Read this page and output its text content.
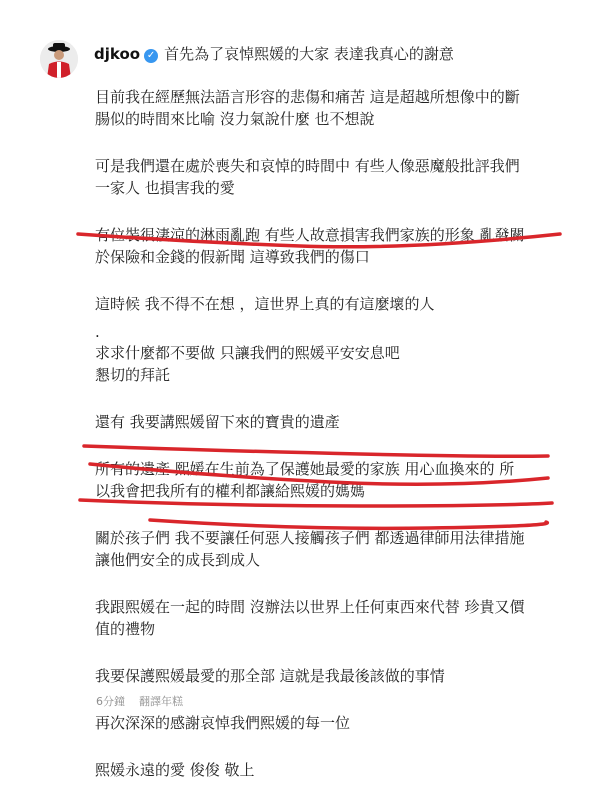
djkoo ✓ 首先為了哀悼熙媛的大家 表達我真心的謝意
目前我在經歷無法語言形容的悲傷和痛苦 這是超越所想像中的斷
腸似的時間來比喻 沒力氣說什麼 也不想說
可是我們還在處於喪失和哀悼的時間中 有些人像惡魔般批評我們
一家人 也損害我的愛
有位裝很淒涼的淋雨亂跑 有些人故意損害我們家族的形象 亂發關
於保險和金錢的假新聞 這導致我們的傷口
這時候 我不得不在想 ，這世界上真的有這麼壞的人
.
求求什麼都不要做 只讓我們的熙媛平安安息吧
懇切的拜託
還有 我要講熙媛留下來的寶貴的遺產
所有的遺產 熙媛在生前為了保護她最愛的家族 用心血換來的 所
以我會把我所有的權利都讓給熙媛的媽媽
關於孩子們 我不要讓任何惡人接觸孩子們 都透過律師用法律措施
讓他們安全的成長到成人
我跟熙媛在一起的時間 沒辦法以世界上任何東西來代替 珍貴又價
值的禮物
我要保護熙媛最愛的那全部 這就是我最後該做的事情
再次深深的感謝哀悼我們熙媛的每一位
熙媛永遠的愛 俊俊 敬上
6分鐘 翻譯年糕
